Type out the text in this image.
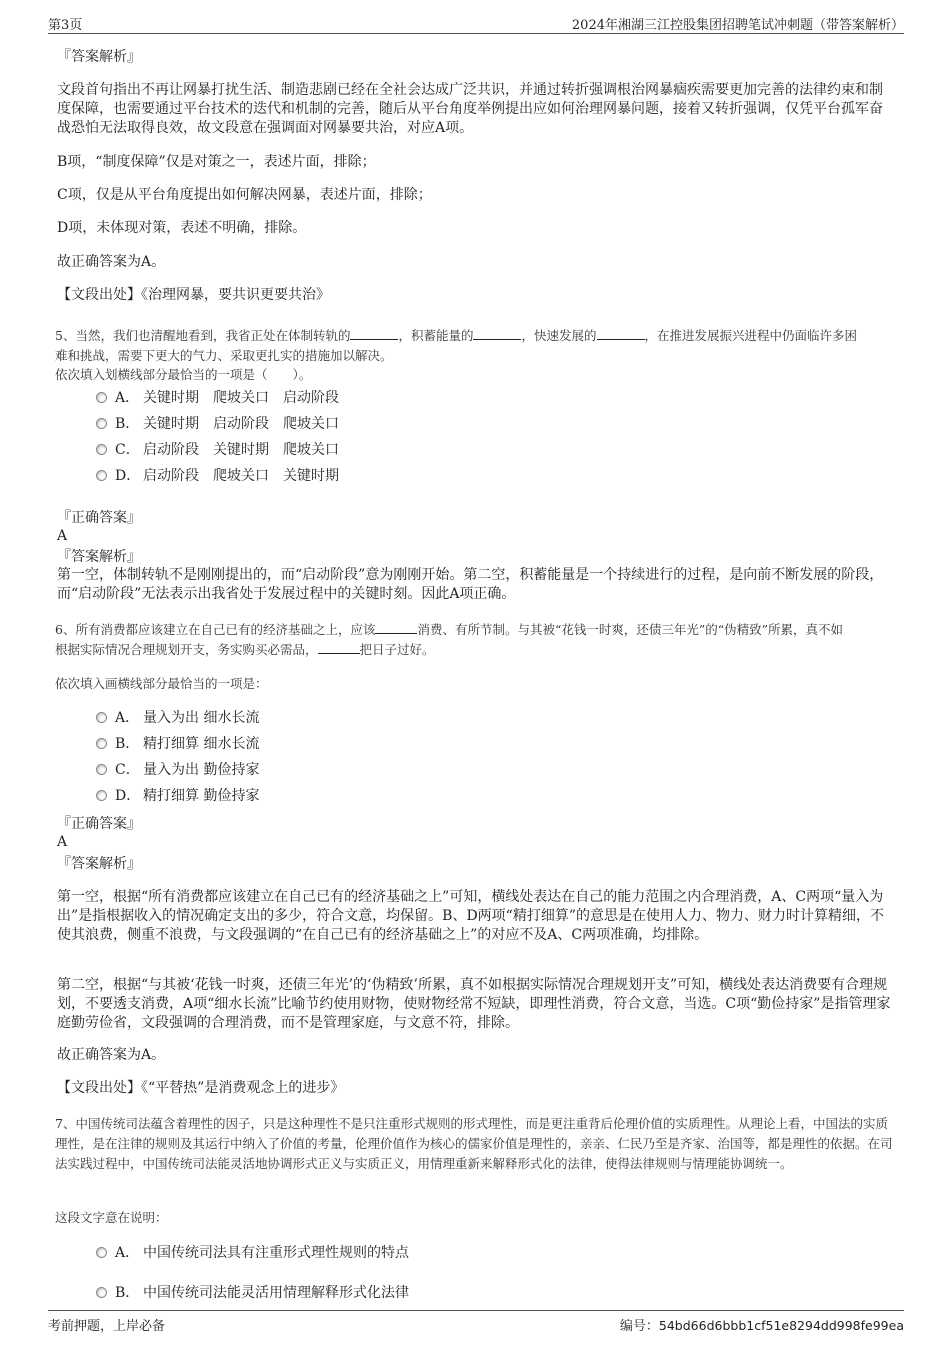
第3页	2024年湘湖三江控股集团招聘笔试冲刺题（带答案解析）
『答案解析』
文段首句指出不再让网暴打扰生活、制造悲剧已经在全社会达成广泛共识，并通过转折强调根治网暴痼疾需要更加完善的法律约束和制度保障，也需要通过平台技术的迭代和机制的完善，随后从平台角度举例提出应如何治理网暴问题，接着又转折强调，仅凭平台孤军奋战恐怕无法取得良效，故文段意在强调面对网暴要共治，对应A项。
B项，“制度保障”仅是对策之一，表述片面，排除；
C项，仅是从平台角度提出如何解决网暴，表述片面，排除；
D项，未体现对策，表述不明确，排除。
故正确答案为A。
【文段出处】《治理网暴，要共识更要共治》
5、当然，我们也清醒地看到，我省正处在体制转轨的	，积蓄能量的	，快速发展的	，在推进发展振兴进程中仍面临许多困
难和挑战，需要下更大的气力、采取更扎实的措施加以解决。
依次填入划横线部分最恰当的一项是（　　）。
A． 关键时期　爬坡关口　启动阶段
B． 关键时期　启动阶段　爬坡关口
C． 启动阶段　关键时期　爬坡关口
D． 启动阶段　爬坡关口　关键时期
『正确答案』
A
『答案解析』
第一空，体制转轨不是刚刚提出的，而“启动阶段”意为刚刚开始。第二空，积蓄能量是一个持续进行的过程，是向前不断发展的阶段，而“启动阶段”无法表示出我省处于发展过程中的关键时刻。因此A项正确。
6、所有消费都应该建立在自己已有的经济基础之上，应该	消费、有所节制。与其被“花钱一时爽，还债三年光”的“伪精致”所累，真不如
根据实际情况合理规划开支，务实购买必需品，	把日子过好。
依次填入画横线部分最恰当的一项是：
A． 量入为出 细水长流
B． 精打细算 细水长流
C． 量入为出 勤俭持家
D． 精打细算 勤俭持家
『正确答案』
A
『答案解析』
第一空，根据“所有消费都应该建立在自己已有的经济基础之上”可知，横线处表达在自己的能力范围之内合理消费，A、C两项“量入为出”是指根据收入的情况确定支出的多少，符合文意，均保留。B、D两项“精打细算”的意思是在使用人力、物力、财力时计算精细，不使其浪费，侧重不浪费，与文段强调的“在自己已有的经济基础之上”的对应不及A、C两项准确，均排除。
第二空，根据“与其被‘花钱一时爽，还债三年光’的‘伪精致’所累，真不如根据实际情况合理规划开支”可知，横线处表达消费要有合理规划，不要透支消费，A项“细水长流”比喻节约使用财物，使财物经常不短缺，即理性消费，符合文意，当选。C项“勤俭持家”是指管理家庭勤劳俭省，文段强调的合理消费，而不是管理家庭，与文意不符，排除。
故正确答案为A。
【文段出处】《“平替热”是消费观念上的进步》
7、中国传统司法蕴含着理性的因子，只是这种理性不是只注重形式规则的形式理性，而是更注重背后伦理价值的实质理性。从理论上看，中国法的实质理性，是在注律的规则及其运行中纳入了价值的考量，伦理价值作为核心的儒家价值是理性的，亲亲、仁民乃至是齐家、治国等，都是理性的依据。在司法实践过程中，中国传统司法能灵活地协调形式正义与实质正义，用情理重新来解释形式化的法律，使得法律规则与情理能协调统一。
这段文字意在说明：
A． 中国传统司法具有注重形式理性规则的特点
B． 中国传统司法能灵活用情理解释形式化法律
考前押题，上岸必备	编号：54bd66d6bbb1cf51e8294dd998fe99ea
